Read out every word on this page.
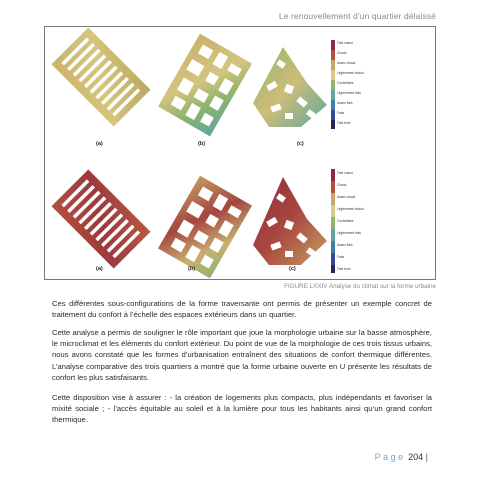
Le renouvellement d’un quartier délaissé
(a)	(b)	(c)
(a)	(b)	(c)
Très chaud
Chaud
Assez chaud
Légèrement chaud
Confortable
Légèrement frais
Assez frais
Frais
Très froid
Très chaud
Chaud
Assez chaud
Légèrement chaud
Confortable
Légèrement frais
Assez frais
Frais
Très froid
FIGURE LXXIV Analyse du climat sur la forme urbaine

Ces différentes sous-configurations de la forme traversante ont permis de présenter un exemple concret de traitement du confort à l’échelle des espaces extérieurs dans un quartier.

Cette analyse a permis de souligner le rôle important que joue la morphologie urbaine sur la basse atmosphère, le microclimat et les éléments du confort extérieur. Du point de vue de la morphologie de ces trois tissus urbains, nous avons constaté que les formes d’urbanisation entraînent des situations de confort thermique différentes. L’analyse comparative des trois quartiers a montré que la forme urbaine ouverte en U présente les résultats de confort les plus satisfaisants.

Cette disposition vise à assurer : - la création de logements plus compacts, plus indépendants et favoriser la mixité sociale ; - l’accès équitable au soleil et à la lumière pour tous les habitants ainsi qu’un grand confort thermique.

Page 204 |
